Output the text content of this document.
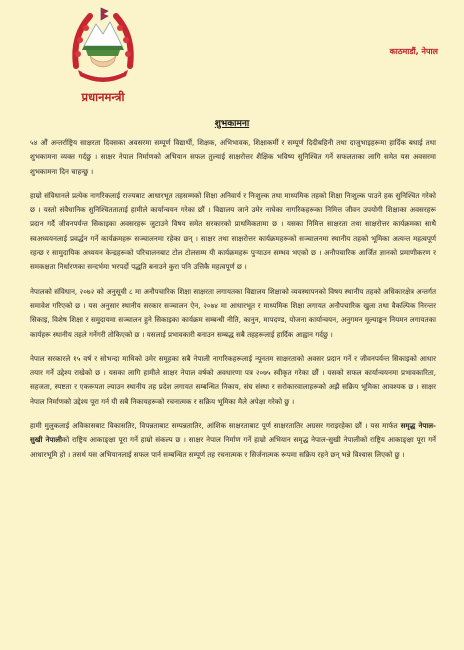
प्रधानमन्त्री
काठमाडौं, नेपाल
शुभकामना

५४ औं अन्तर्राष्ट्रिय साक्षरता दिवसका अवसरमा सम्पूर्ण विद्यार्थी, शिक्षक, अभिभावक, शिक्षाकर्मी र सम्पूर्ण दिदीबहिनी तथा दाजुभाइहरूमा हार्दिक बधाई तथा शुभकामना व्यक्त गर्दछु । साक्षर नेपाल निर्माणको अभियान सफल तुल्याई साक्षरोत्तर शैक्षिक भविष्य सुनिश्चित गर्ने सफलताका लागि समेत यस अवसरमा शुभकामना दिन चाहन्छु ।

हाम्रो संविधानले प्रत्येक नागरिकलाई राज्यबाट आधारभूत तहसम्मको शिक्षा अनिवार्य र निःशुल्क तथा माध्यमिक तहको शिक्षा निःशुल्क पाउने हक सुनिश्चित गरेको छ । यस्तो संवैधानिक सुनिश्चितताताई हामीले कार्यान्वयन गरेका छौं । विद्यालय जाने उमेर नाघेका नागरिकहरूका निमित्त जीवन उपयोगी शिक्षाका अवसरहरू प्रदान गर्दै जीवनपर्यन्त सिकाइका अवसरहरू जुटाउने विषय समेत सरकारको प्राथमिकतामा छ । यसका निमित्त साक्षरता तथा साक्षरोत्तर कार्यक्रमका साथै स्वअध्ययनलाई प्रवर्द्धन गर्ने कार्यक्रमहरू सञ्चालनमा रहेका छन् । साक्षर तथा साक्षरोत्तर कार्यक्रमहरूको सञ्चालनमा स्थानीय तहको भूमिका अत्यन्त महत्वपूर्ण रहन्छ र सामुदायिक अध्ययन केन्द्रहरूको परिचालनबाट टोल टोलसम्म यी कार्यक्रमहरू पुऱ्याउन सम्भव भएको छ । अनौपचारिक आर्जित ज्ञानको प्रमाणीकरण र समकक्षता निर्धारणका सन्दर्भमा भरपर्दो पद्धति बनाउने कुरा पनि उत्तिकै महत्वपूर्ण छ ।

नेपालको संविधान, २०७२ को अनुसूची ८ मा अनौपचारिक शिक्षा साक्षरता लगायतका विद्यालय शिक्षाको व्यवस्थापनको विषय स्थानीय तहको अधिकारक्षेत्र अन्तर्गत समावेश गरिएको छ । यस अनुसार स्थानीय सरकार सञ्चालन ऐन, २०७४ मा आधारभूत र माध्यमिक शिक्षा लगायत अनौपचारिक खुला तथा वैकल्पिक निरन्तर सिकाइ, विशेष शिक्षा र समुदायमा सञ्चालन हुने सिकाइका कार्यक्रम सम्बन्धी नीति, कानुन, मापदण्ड, योजना कार्यान्वयन, अनुगमन मूल्याङ्कन नियमन लगायतका कार्यहरू स्थानीय तहले गर्नेगरी तोकिएको छ । यसलाई प्रभावकारी बनाउन सम्बद्ध सबै तहहरूलाई हार्दिक आह्वान गर्दछु ।

नेपाल सरकारले १५ वर्ष र सोभन्दा माथिको उमेर समूहका सबै नेपाली नागरिकहरूलाई न्यूनतम साक्षरताको अवसर प्रदान गर्ने र जीवनपर्यन्त सिकाइको आधार तयार गर्ने उद्देश्य राखेको छ । यसका लागि हामीले साक्षर नेपाल वर्षको अवधारणा पत्र २०७५ स्वीकृत गरेका छौं । यसको सफल कार्यान्वयनमा प्रभावकारिता, सहजता, स्पष्टता र एकरूपता ल्याउन स्थानीय तह प्रदेश लगायत सम्बन्धित निकाय, संघ संस्था र सरोकारवालाहरूको अझै सक्रिय भूमिका आवश्यक छ । साक्षर नेपाल निर्माणको उद्देश्य पूरा गर्न यी सबै निकायहरूको रचनात्मक र सक्रिय भूमिका मैले अपेक्षा गरेको छु ।

हामी मुलुकलाई अविकासबाट विकासतिर, विपन्नताबाट सम्पन्नतातिर, आंशिक साक्षरताबाट पूर्ण साक्षरतातिर अग्रसर गराइरहेका छौं । यस मार्फत समृद्ध नेपाल-सुखी नेपालीको राष्ट्रिय आकाङ्क्षा पूरा गर्ने हाम्रो संकल्प छ । साक्षर नेपाल निर्माण गर्ने हाम्रो अभियान समृद्ध नेपाल-सुखी नेपालीको राष्ट्रिय आकाङ्क्षा पूरा गर्ने आधारभूमि हो । तसर्थ यस अभियानलाई सफल पार्न सम्बन्धित सम्पूर्ण तह रचनात्मक र सिर्जनात्मक रूपमा सक्रिय रहने छन् भन्ने विश्वास लिएको छु ।
